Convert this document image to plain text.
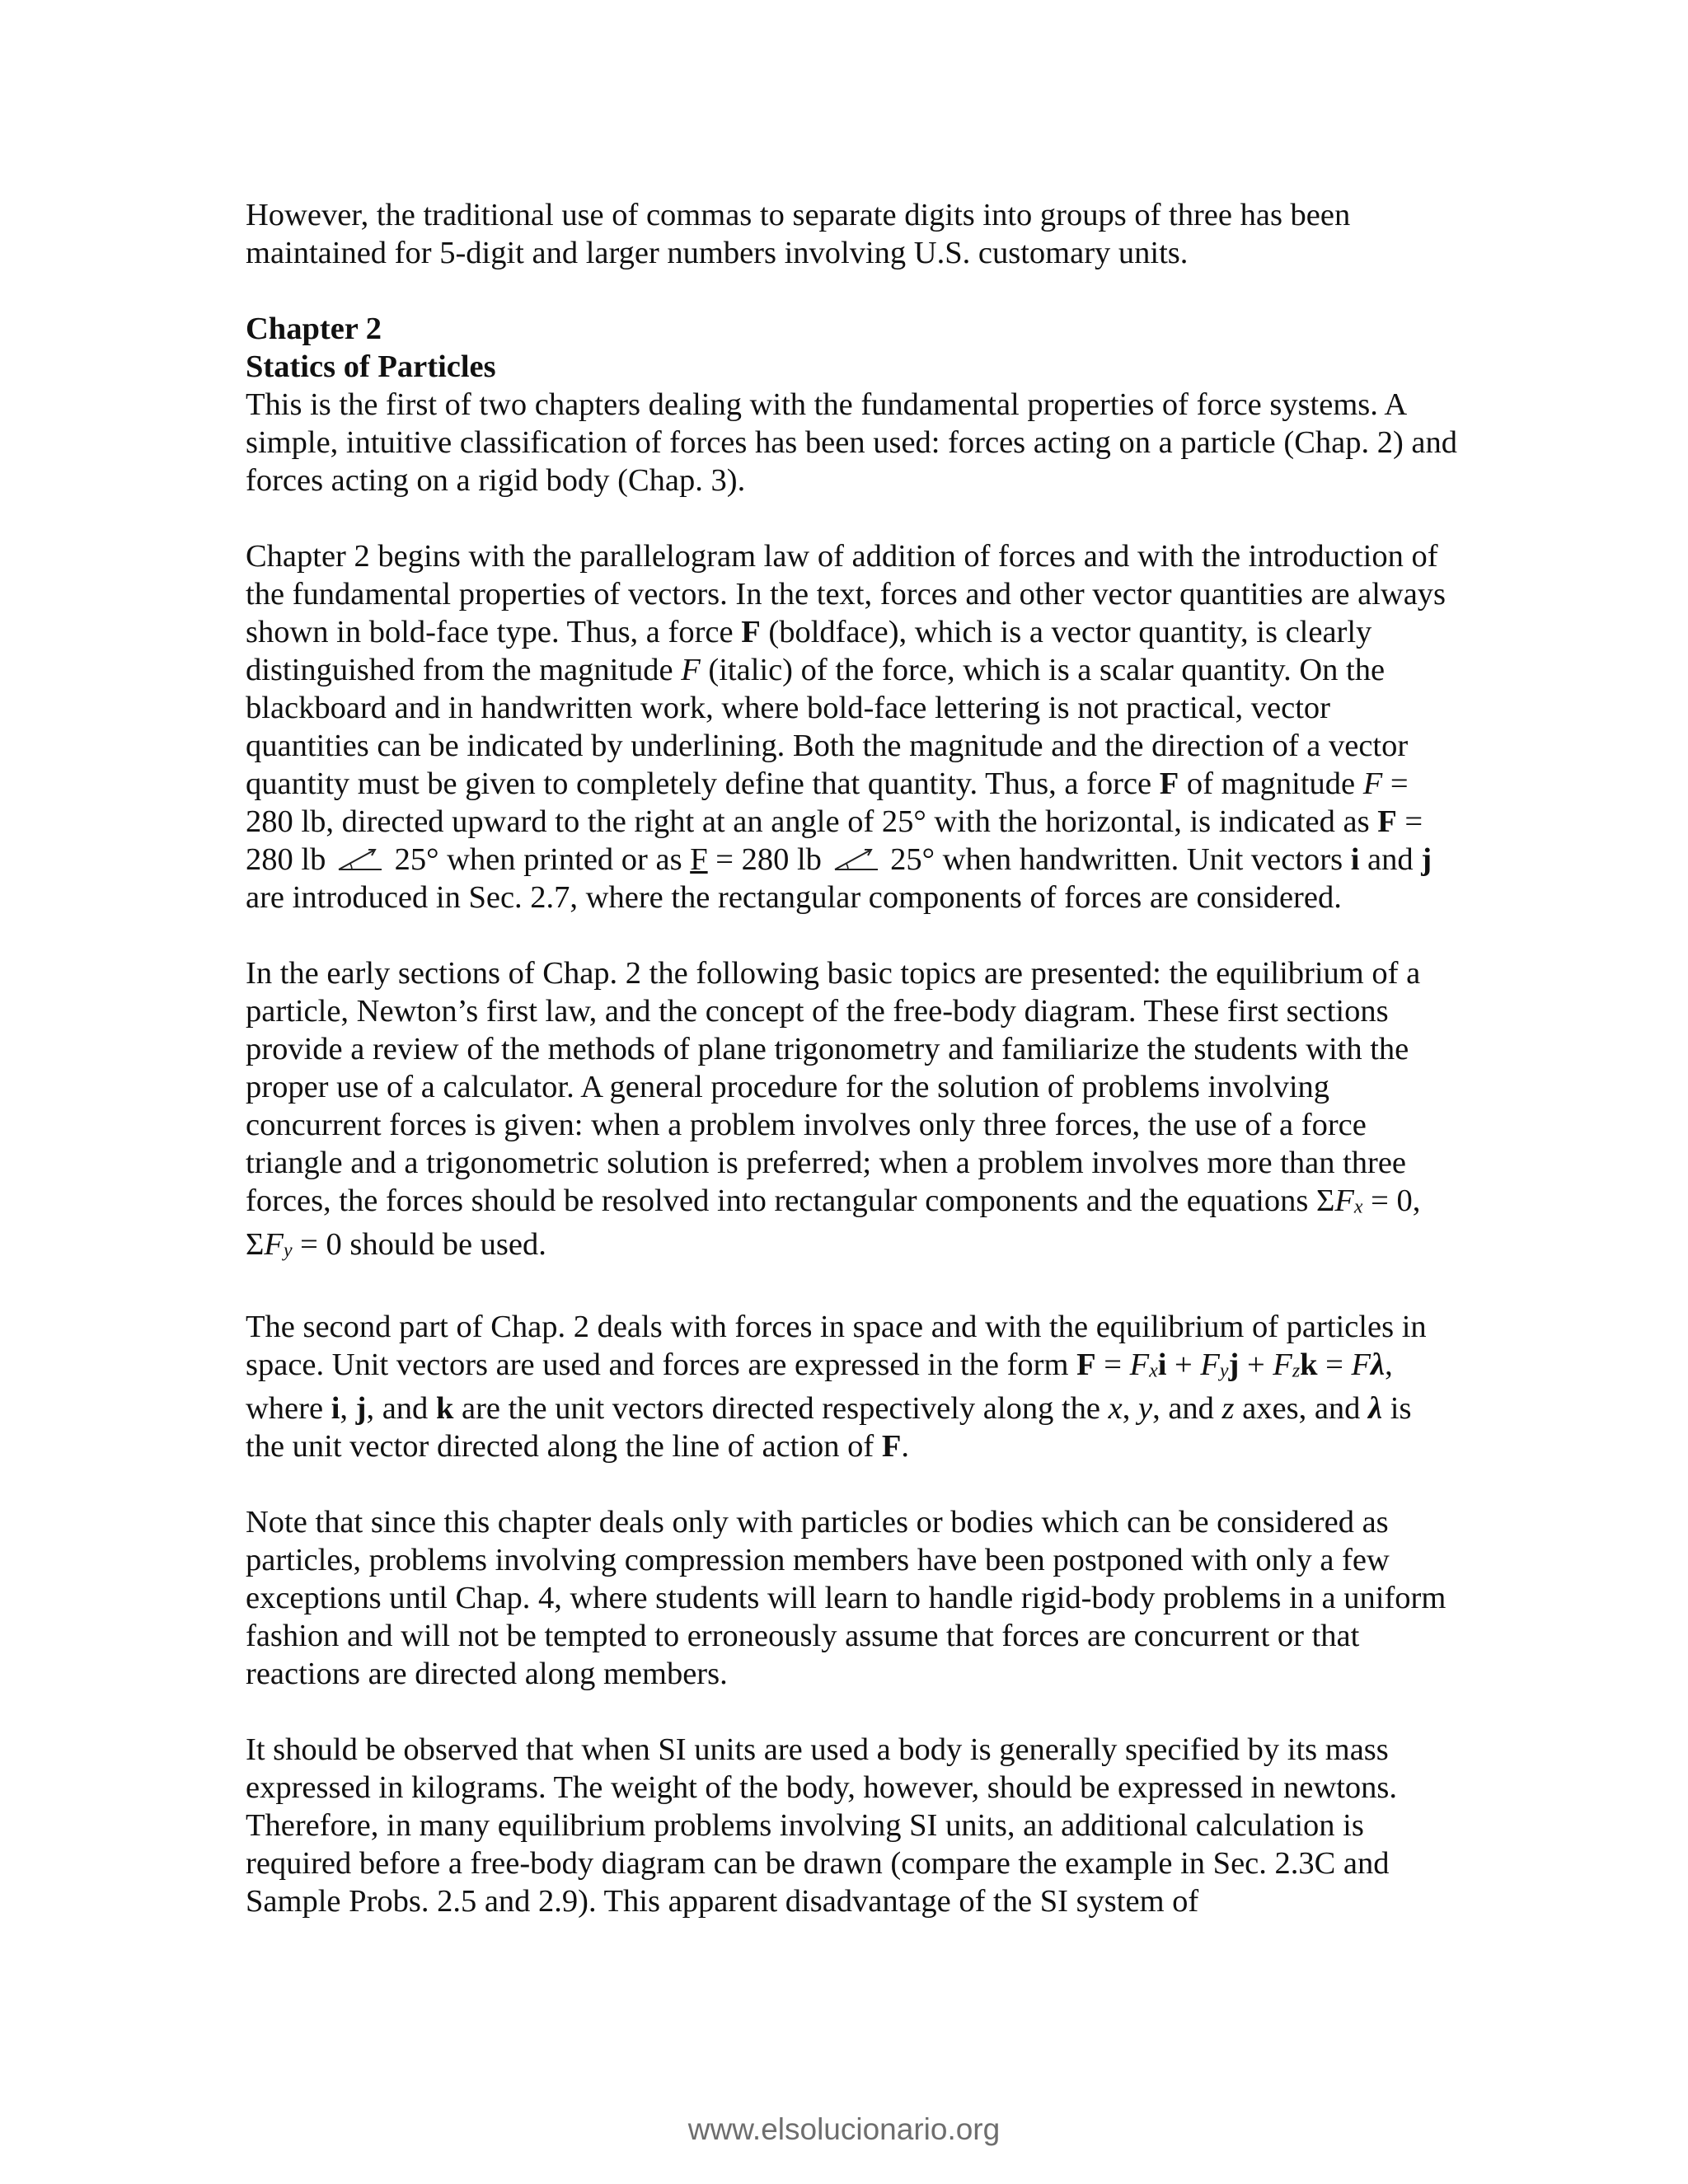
However, the traditional use of commas to separate digits into groups of three has been maintained for 5-digit and larger numbers involving U.S. customary units.

Chapter 2

Statics of Particles

This is the first of two chapters dealing with the fundamental properties of force systems. A simple, intuitive classification of forces has been used: forces acting on a particle (Chap. 2) and forces acting on a rigid body (Chap. 3).

Chapter 2 begins with the parallelogram law of addition of forces and with the introduction of the fundamental properties of vectors. In the text, forces and other vector quantities are always shown in bold-face type. Thus, a force F (boldface), which is a vector quantity, is clearly distinguished from the magnitude F (italic) of the force, which is a scalar quantity. On the blackboard and in handwritten work, where bold-face lettering is not practical, vector quantities can be indicated by underlining. Both the magnitude and the direction of a vector quantity must be given to completely define that quantity. Thus, a force F of magnitude F = 280 lb, directed upward to the right at an angle of 25° with the horizontal, is indicated as F = 280 lb  25° when printed or as F = 280 lb  25° when handwritten. Unit vectors i and j are introduced in Sec. 2.7, where the rectangular components of forces are considered.

In the early sections of Chap. 2 the following basic topics are presented: the equilibrium of a particle, Newton’s first law, and the concept of the free-body diagram. These first sections provide a review of the methods of plane trigonometry and familiarize the students with the proper use of a calculator. A general procedure for the solution of problems involving concurrent forces is given: when a problem involves only three forces, the use of a force triangle and a trigonometric solution is preferred; when a problem involves more than three forces, the forces should be resolved into rectangular components and the equations ΣFx = 0, ΣFy = 0 should be used.

The second part of Chap. 2 deals with forces in space and with the equilibrium of particles in space. Unit vectors are used and forces are expressed in the form F = Fxi + Fyj + Fzk = Fλ, where i, j, and k are the unit vectors directed respectively along the x, y, and z axes, and λ is the unit vector directed along the line of action of F.

Note that since this chapter deals only with particles or bodies which can be considered as particles, problems involving compression members have been postponed with only a few exceptions until Chap. 4, where students will learn to handle rigid-body problems in a uniform fashion and will not be tempted to erroneously assume that forces are concurrent or that reactions are directed along members.

It should be observed that when SI units are used a body is generally specified by its mass expressed in kilograms. The weight of the body, however, should be expressed in newtons. Therefore, in many equilibrium problems involving SI units, an additional calculation is required before a free-body diagram can be drawn (compare the example in Sec. 2.3C and Sample Probs. 2.5 and 2.9). This apparent disadvantage of the SI system of

www.elsolucionario.org
